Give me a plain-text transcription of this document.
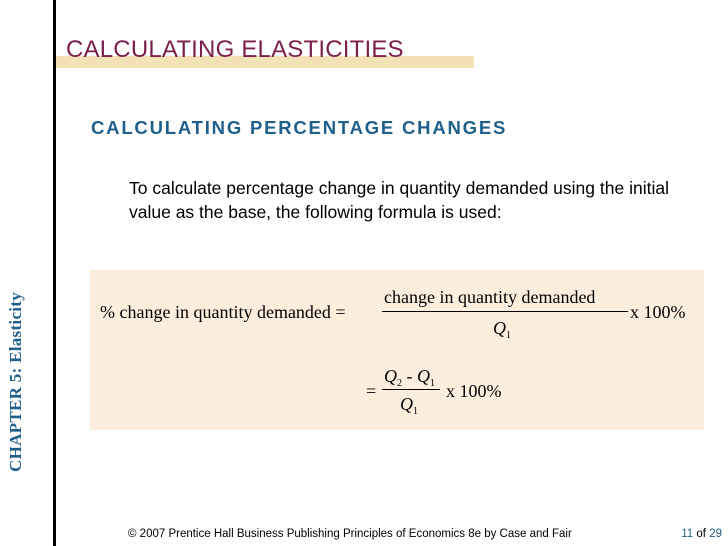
CHAPTER 5: Elasticity
CALCULATING ELASTICITIES
CALCULATING PERCENTAGE CHANGES
To calculate percentage change in quantity demanded using the initial value as the base, the following formula is used:
% change in quantity demanded =
change in quantity demanded
$Q_1$
x 100%
=
$Q_2 - Q_1$
$Q_1$
x 100%
© 2007 Prentice Hall Business Publishing Principles of Economics 8e by Case and Fair	11 of 29
